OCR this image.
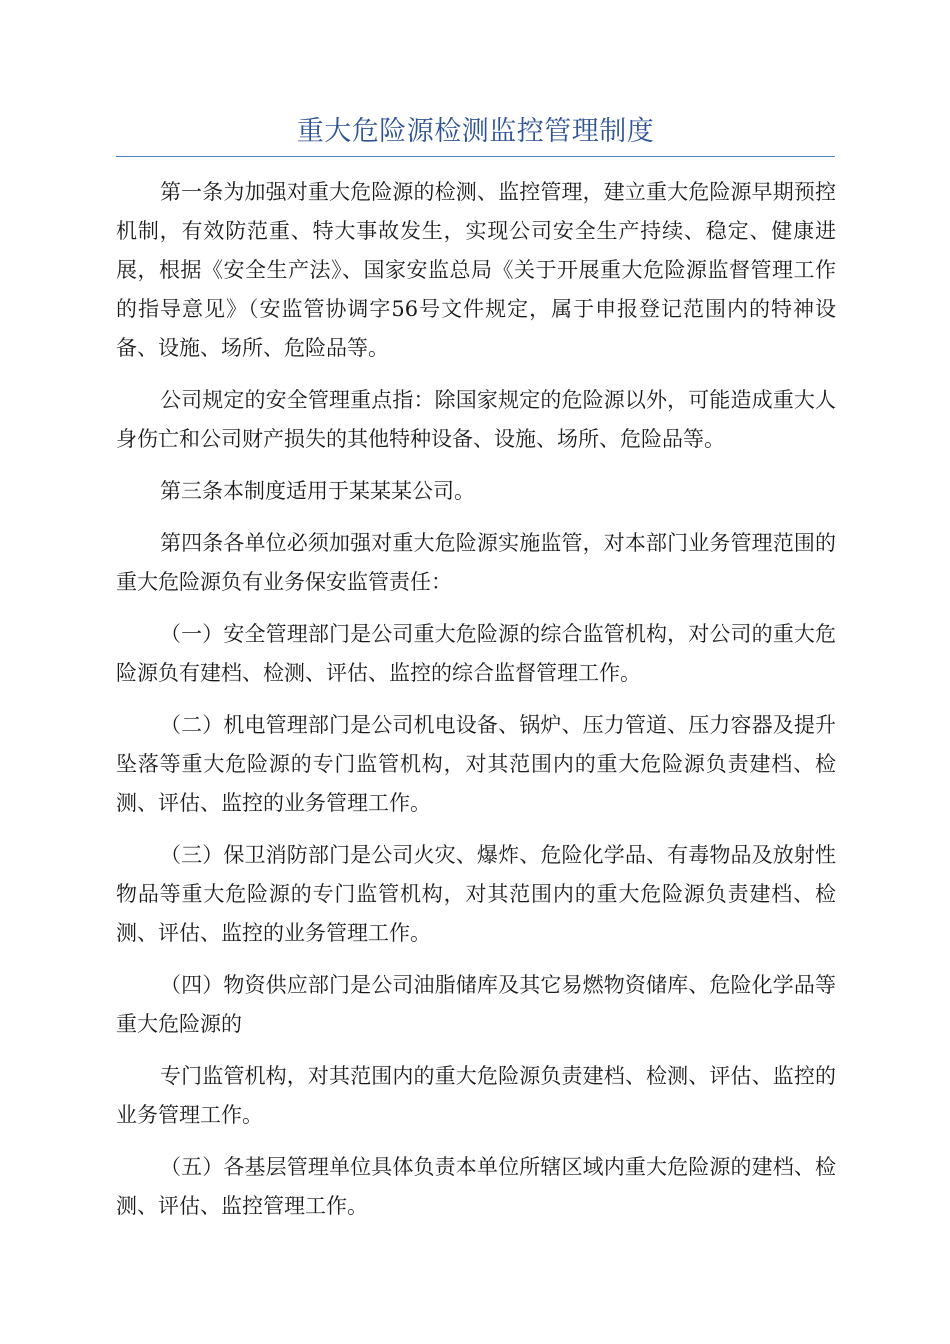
重大危险源检测监控管理制度

第一条为加强对重大危险源的检测、监控管理，建立重大危险源早期预控机制，有效防范重、特大事故发生，实现公司安全生产持续、稳定、健康进展，根据《安全生产法》、国家安监总局《关于开展重大危险源监督管理工作的指导意见》（安监管协调字56号文件规定，属于申报登记范围内的特神设备、设施、场所、危险品等。

公司规定的安全管理重点指：除国家规定的危险源以外，可能造成重大人身伤亡和公司财产损失的其他特种设备、设施、场所、危险品等。

第三条本制度适用于某某某公司。

第四条各单位必须加强对重大危险源实施监管，对本部门业务管理范围的重大危险源负有业务保安监管责任：

（一）安全管理部门是公司重大危险源的综合监管机构，对公司的重大危险源负有建档、检测、评估、监控的综合监督管理工作。

（二）机电管理部门是公司机电设备、锅炉、压力管道、压力容器及提升坠落等重大危险源的专门监管机构，对其范围内的重大危险源负责建档、检测、评估、监控的业务管理工作。

（三）保卫消防部门是公司火灾、爆炸、危险化学品、有毒物品及放射性物品等重大危险源的专门监管机构，对其范围内的重大危险源负责建档、检测、评估、监控的业务管理工作。

（四）物资供应部门是公司油脂储库及其它易燃物资储库、危险化学品等重大危险源的

专门监管机构，对其范围内的重大危险源负责建档、检测、评估、监控的业务管理工作。

（五）各基层管理单位具体负责本单位所辖区域内重大危险源的建档、检测、评估、监控管理工作。
